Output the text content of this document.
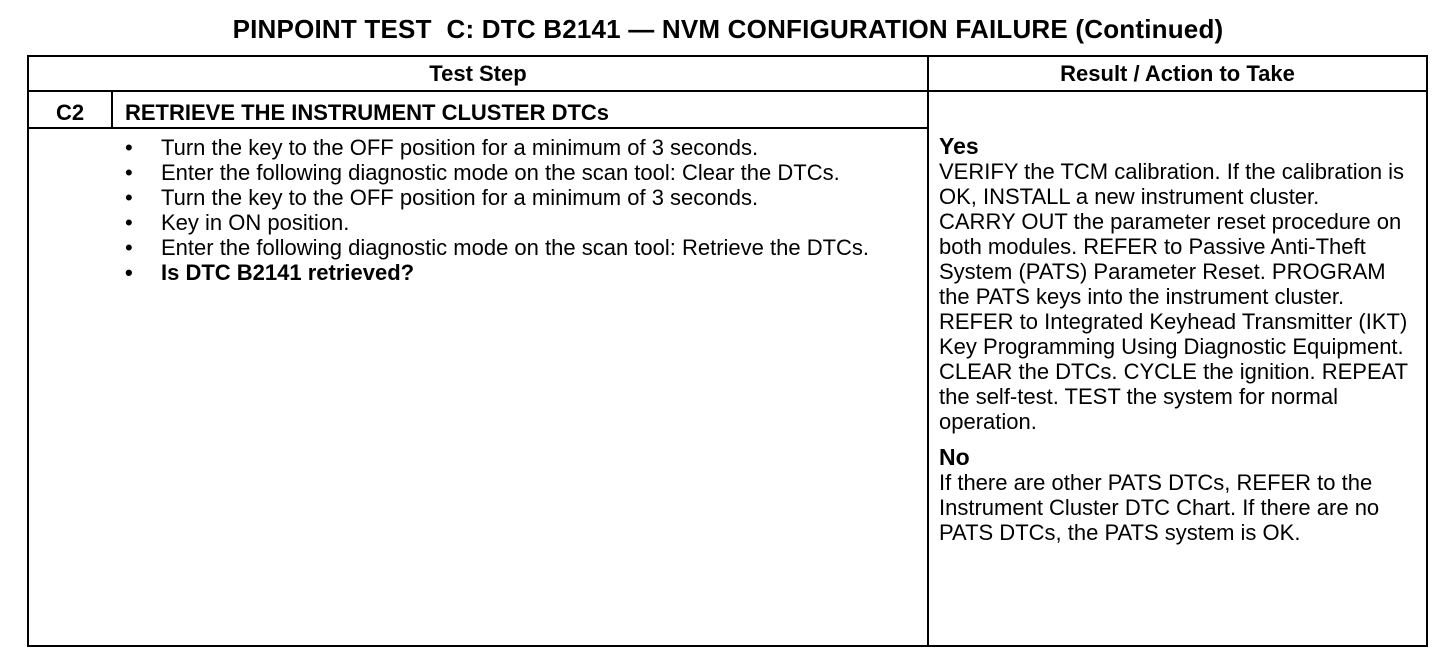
PINPOINT TEST  C: DTC B2141 — NVM CONFIGURATION FAILURE (Continued)
Test Step	Result / Action to Take
C2	RETRIEVE THE INSTRUMENT CLUSTER DTCs
• Turn the key to the OFF position for a minimum of 3 seconds.
• Enter the following diagnostic mode on the scan tool: Clear the DTCs.
• Turn the key to the OFF position for a minimum of 3 seconds.
• Key in ON position.
• Enter the following diagnostic mode on the scan tool: Retrieve the DTCs.
• Is DTC B2141 retrieved?
Yes

VERIFY the TCM calibration. If the calibration is OK, INSTALL a new instrument cluster.

CARRY OUT the parameter reset procedure on both modules. REFER to Passive Anti-Theft System (PATS) Parameter Reset. PROGRAM the PATS keys into the instrument cluster. REFER to Integrated Keyhead Transmitter (IKT) Key Programming Using Diagnostic Equipment. CLEAR the DTCs. CYCLE the ignition. REPEAT the self-test. TEST the system for normal operation.

No

If there are other PATS DTCs, REFER to the Instrument Cluster DTC Chart. If there are no PATS DTCs, the PATS system is OK.
